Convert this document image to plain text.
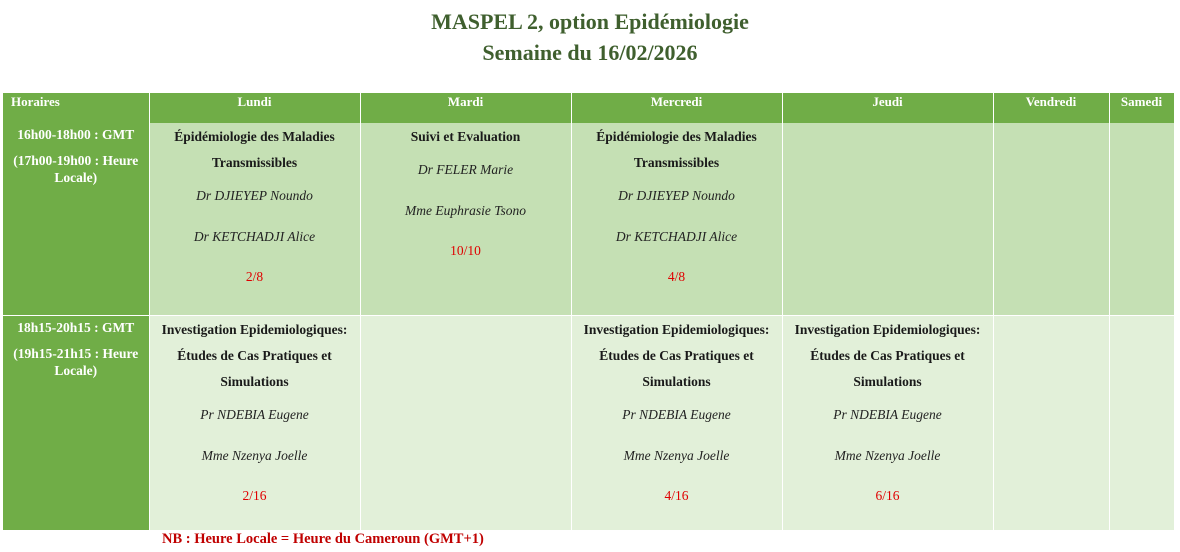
MASPEL 2, option Epidémiologie
Semaine du 16/02/2026
Horaires	Lundi	Mardi	Mercredi	Jeudi	Vendredi	Samedi

16h00-18h00 : GMT
(17h00-19h00 : Heure Locale)	Épidémiologie des Maladies Transmissibles
Dr DJIEYEP Noundo
Dr KETCHADJI Alice
2/8	Suivi et Evaluation
Dr FELER Marie
Mme Euphrasie Tsono
10/10	Épidémiologie des Maladies Transmissibles
Dr DJIEYEP Noundo
Dr KETCHADJI Alice
4/8			

18h15-20h15 : GMT
(19h15-21h15 : Heure Locale)	Investigation Epidemiologiques: Études de Cas Pratiques et Simulations
Pr NDEBIA Eugene
Mme Nzenya Joelle
2/16		Investigation Epidemiologiques: Études de Cas Pratiques et Simulations
Pr NDEBIA Eugene
Mme Nzenya Joelle
4/16	Investigation Epidemiologiques: Études de Cas Pratiques et Simulations
Pr NDEBIA Eugene
Mme Nzenya Joelle
6/16		

NB : Heure Locale = Heure du Cameroun (GMT+1)
